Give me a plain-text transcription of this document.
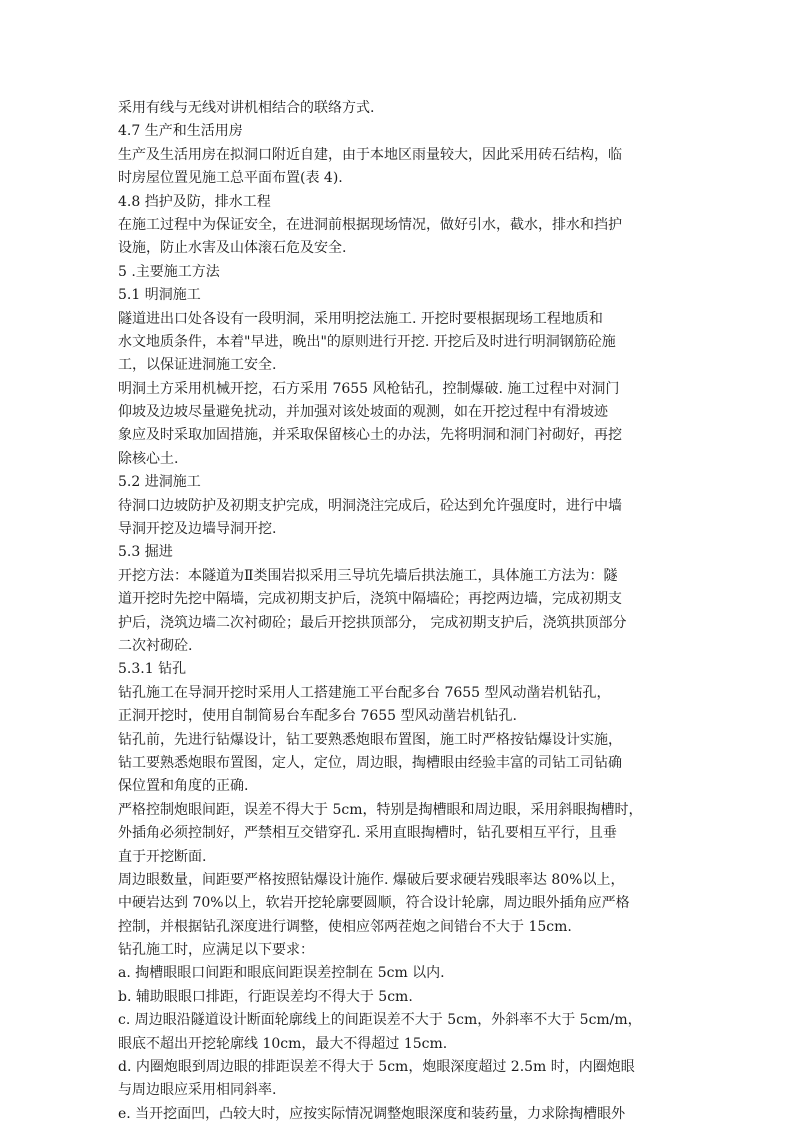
采用有线与无线对讲机相结合的联络方式.
4.7 生产和生活用房
生产及生活用房在拟洞口附近自建，由于本地区雨量较大，因此采用砖石结构，临
时房屋位置见施工总平面布置(表 4).
4.8 挡护及防，排水工程
在施工过程中为保证安全，在进洞前根据现场情况，做好引水，截水，排水和挡护
设施，防止水害及山体滚石危及安全.
5 .主要施工方法
5.1 明洞施工
隧道进出口处各设有一段明洞，采用明挖法施工. 开挖时要根据现场工程地质和
水文地质条件，本着"早进，晚出"的原则进行开挖. 开挖后及时进行明洞钢筋砼施
工，以保证进洞施工安全.
明洞土方采用机械开挖，石方采用 7655 风枪钻孔，控制爆破. 施工过程中对洞门
仰坡及边坡尽量避免扰动，并加强对该处坡面的观测，如在开挖过程中有滑坡迹
象应及时采取加固措施，并采取保留核心土的办法，先将明洞和洞门衬砌好，再挖
除核心土.
5.2 进洞施工
待洞口边坡防护及初期支护完成，明洞浇注完成后，砼达到允许强度时，进行中墙
导洞开挖及边墙导洞开挖.
5.3 掘进
开挖方法：本隧道为Ⅱ类围岩拟采用三导坑先墙后拱法施工，具体施工方法为：隧
道开挖时先挖中隔墙，完成初期支护后，浇筑中隔墙砼；再挖两边墙，完成初期支
护后，浇筑边墙二次衬砌砼；最后开挖拱顶部分， 完成初期支护后，浇筑拱顶部分
二次衬砌砼.
5.3.1 钻孔
钻孔施工在导洞开挖时采用人工搭建施工平台配多台 7655 型风动凿岩机钻孔，
正洞开挖时，使用自制简易台车配多台 7655 型风动凿岩机钻孔.
钻孔前，先进行钻爆设计，钻工要熟悉炮眼布置图，施工时严格按钻爆设计实施，
钻工要熟悉炮眼布置图，定人，定位，周边眼，掏槽眼由经验丰富的司钻工司钻确
保位置和角度的正确.
严格控制炮眼间距，误差不得大于 5cm，特别是掏槽眼和周边眼，采用斜眼掏槽时，
外插角必须控制好，严禁相互交错穿孔. 采用直眼掏槽时，钻孔要相互平行，且垂
直于开挖断面.
周边眼数量，间距要严格按照钻爆设计施作. 爆破后要求硬岩残眼率达 80%以上，
中硬岩达到 70%以上，软岩开挖轮廓要圆顺，符合设计轮廓，周边眼外插角应严格
控制，并根据钻孔深度进行调整，使相应邻两茬炮之间错台不大于 15cm.
钻孔施工时，应满足以下要求：
a. 掏槽眼眼口间距和眼底间距误差控制在 5cm 以内.
b. 辅助眼眼口排距，行距误差均不得大于 5cm.
c. 周边眼沿隧道设计断面轮廓线上的间距误差不大于 5cm，外斜率不大于 5cm/m，
眼底不超出开挖轮廓线 10cm，最大不得超过 15cm.
d. 内圈炮眼到周边眼的排距误差不得大于 5cm，炮眼深度超过 2.5m 时，内圈炮眼
与周边眼应采用相同斜率.
e. 当开挖面凹，凸较大时，应按实际情况调整炮眼深度和装药量，力求除掏槽眼外
